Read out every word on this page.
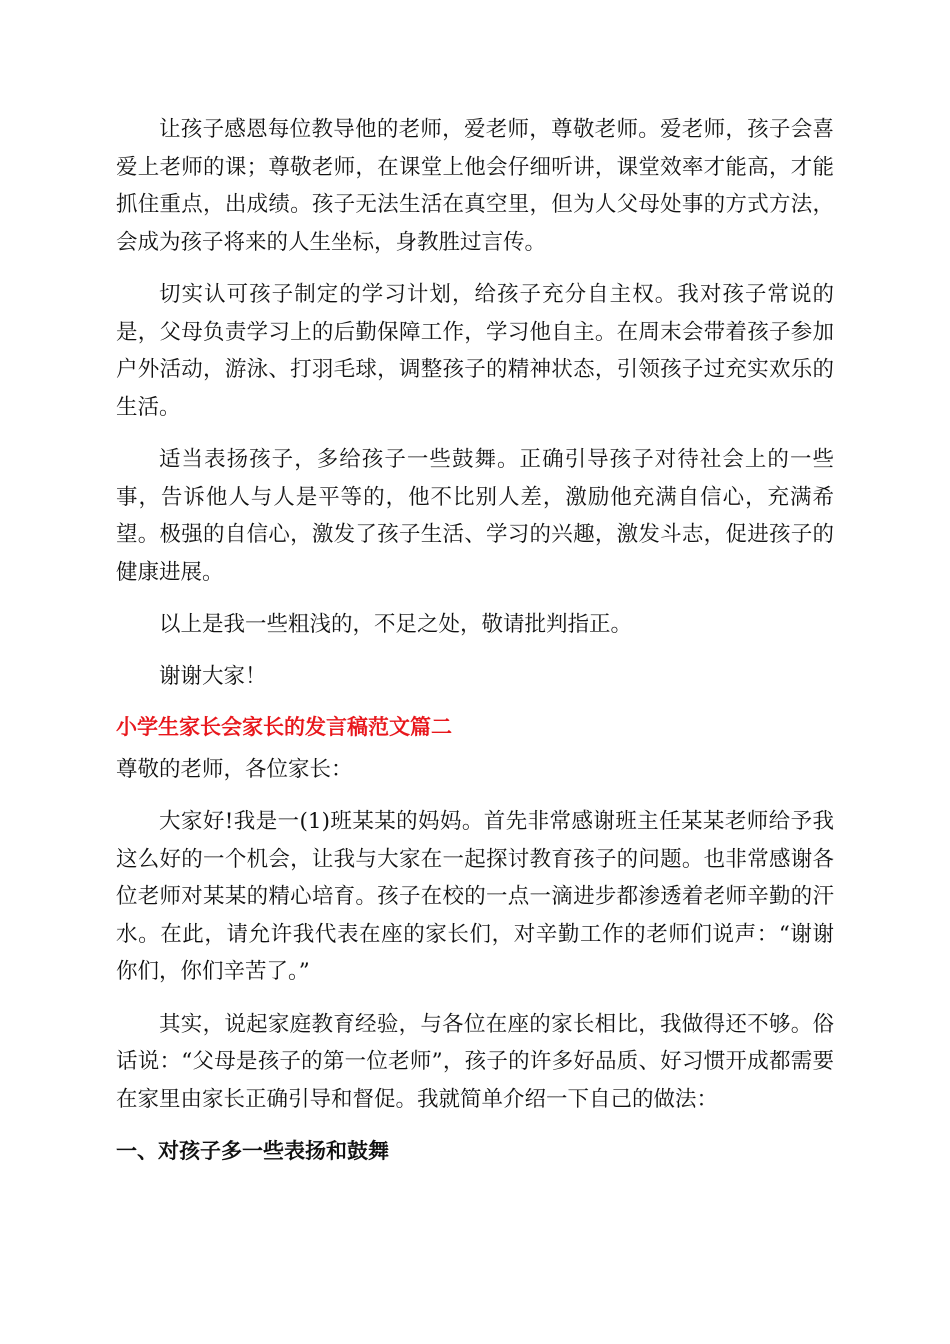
让孩子感恩每位教导他的老师，爱老师，尊敬老师。爱老师，孩子会喜爱上老师的课；尊敬老师，在课堂上他会仔细听讲，课堂效率才能高，才能抓住重点，出成绩。孩子无法生活在真空里，但为人父母处事的方式方法，会成为孩子将来的人生坐标，身教胜过言传。

切实认可孩子制定的学习计划，给孩子充分自主权。我对孩子常说的是，父母负责学习上的后勤保障工作，学习他自主。在周末会带着孩子参加户外活动，游泳、打羽毛球，调整孩子的精神状态，引领孩子过充实欢乐的生活。

适当表扬孩子，多给孩子一些鼓舞。正确引导孩子对待社会上的一些事，告诉他人与人是平等的，他不比别人差，激励他充满自信心，充满希望。极强的自信心，激发了孩子生活、学习的兴趣，激发斗志，促进孩子的健康进展。

以上是我一些粗浅的，不足之处，敬请批判指正。

谢谢大家！

小学生家长会家长的发言稿范文篇二

尊敬的老师，各位家长：

大家好!我是一(1)班某某的妈妈。首先非常感谢班主任某某老师给予我这么好的一个机会，让我与大家在一起探讨教育孩子的问题。也非常感谢各位老师对某某的精心培育。孩子在校的一点一滴进步都渗透着老师辛勤的汗水。在此，请允许我代表在座的家长们，对辛勤工作的老师们说声：“谢谢你们，你们辛苦了。”

其实，说起家庭教育经验，与各位在座的家长相比，我做得还不够。俗话说：“父母是孩子的第一位老师”，孩子的许多好品质、好习惯开成都需要在家里由家长正确引导和督促。我就简单介绍一下自己的做法：

一、对孩子多一些表扬和鼓舞
